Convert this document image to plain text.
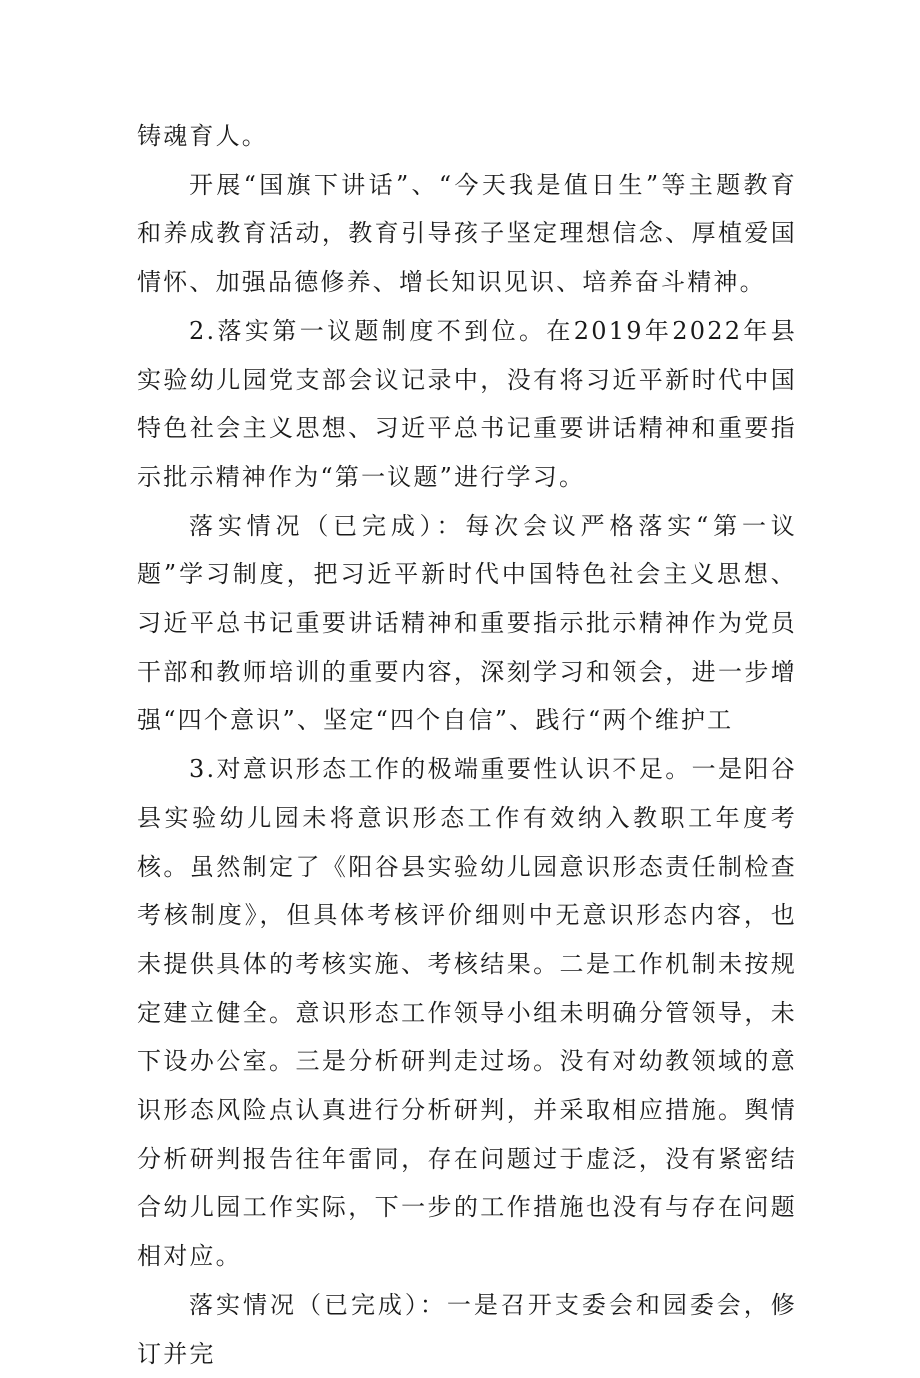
铸魂育人。

开展“国旗下讲话”、“今天我是值日生”等主题教育和养成教育活动，教育引导孩子坚定理想信念、厚植爱国情怀、加强品德修养、增长知识见识、培养奋斗精神。

2.落实第一议题制度不到位。在2019年2022年县实验幼儿园党支部会议记录中，没有将习近平新时代中国特色社会主义思想、习近平总书记重要讲话精神和重要指示批示精神作为“第一议题”进行学习。

落实情况（已完成）：每次会议严格落实“第一议题”学习制度，把习近平新时代中国特色社会主义思想、习近平总书记重要讲话精神和重要指示批示精神作为党员干部和教师培训的重要内容，深刻学习和领会，进一步增强“四个意识”、坚定“四个自信”、践行“两个维护工

3.对意识形态工作的极端重要性认识不足。一是阳谷县实验幼儿园未将意识形态工作有效纳入教职工年度考核。虽然制定了《阳谷县实验幼儿园意识形态责任制检查考核制度》，但具体考核评价细则中无意识形态内容，也未提供具体的考核实施、考核结果。二是工作机制未按规定建立健全。意识形态工作领导小组未明确分管领导，未下设办公室。三是分析研判走过场。没有对幼教领域的意识形态风险点认真进行分析研判，并采取相应措施。舆情分析研判报告往年雷同，存在问题过于虚泛，没有紧密结合幼儿园工作实际，下一步的工作措施也没有与存在问题相对应。

落实情况（已完成）：一是召开支委会和园委会，修订并完
